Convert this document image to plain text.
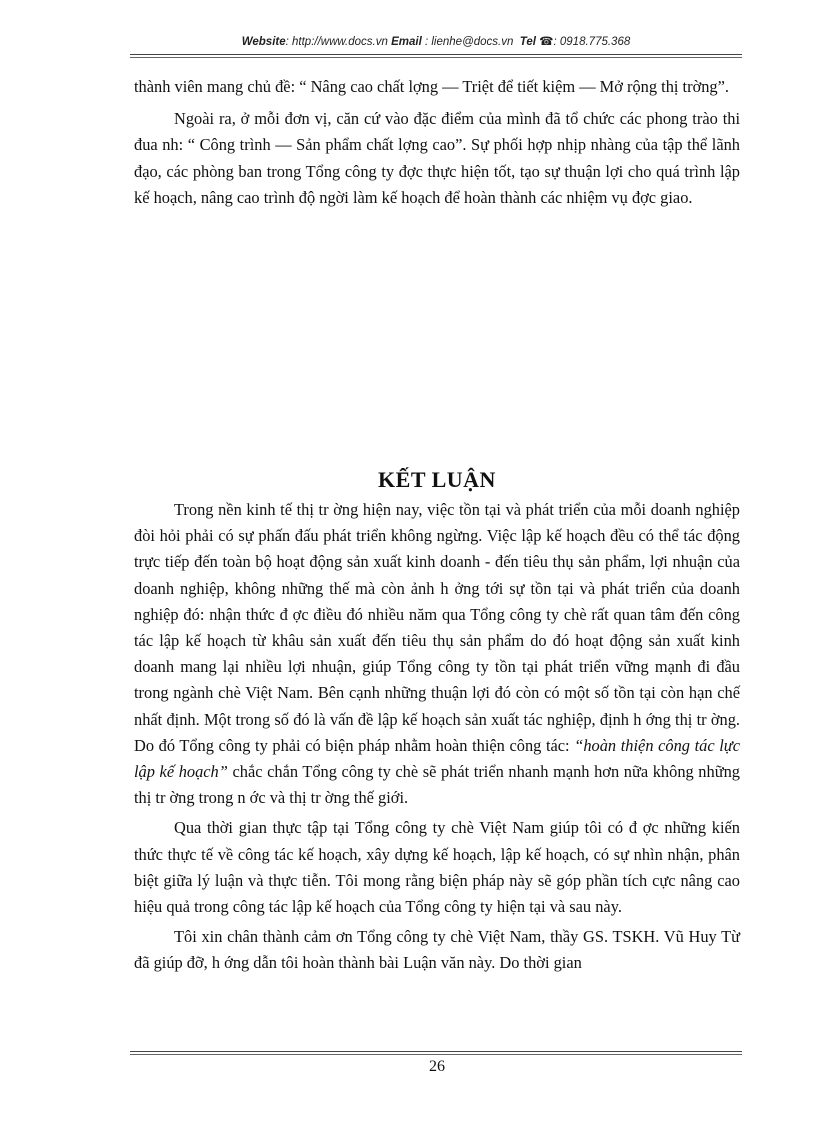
Website: http://www.docs.vn Email : lienhe@docs.vn Tel ☎: 0918.775.368

thành viên mang chủ đề: “ Nâng cao chất lợng — Triệt để tiết kiệm — Mở rộng thị trờng”.

Ngoài ra, ở mỗi đơn vị, căn cứ vào đặc điểm của mình đã tổ chức các phong trào thi đua nh: “ Công trình — Sản phẩm chất lợng cao”. Sự phối hợp nhịp nhàng của tập thể lãnh đạo, các phòng ban trong Tổng công ty đợc thực hiện tốt, tạo sự thuận lợi cho quá trình lập kế hoạch, nâng cao trình độ ngời làm kế hoạch để hoàn thành các nhiệm vụ đợc giao.

KẾT LUẬN

Trong nền kinh tế thị tr ờng hiện nay, việc tồn tại và phát triển của mỗi doanh nghiệp đòi hỏi phải có sự phấn đấu phát triển không ngừng. Việc lập kế hoạch đều có thể tác động trực tiếp đến toàn bộ hoạt động sản xuất kinh doanh - đến tiêu thụ sản phẩm, lợi nhuận của doanh nghiệp, không những thế mà còn ảnh h ởng tới sự tồn tại và phát triển của doanh nghiệp đó: nhận thức đ ợc điều đó nhiều năm qua Tổng công ty chè rất quan tâm đến công tác lập kế hoạch từ khâu sản xuất đến tiêu thụ sản phẩm do đó hoạt động sản xuất kinh doanh mang lại nhiều lợi nhuận, giúp Tổng công ty tồn tại phát triển vững mạnh đi đầu trong ngành chè Việt Nam. Bên cạnh những thuận lợi đó còn có một số tồn tại còn hạn chế nhất định. Một trong số đó là vấn đề lập kế hoạch sản xuất tác nghiệp, định h ớng thị tr ờng. Do đó Tổng công ty phải có biện pháp nhằm hoàn thiện công tác: “hoàn thiện công tác lực lập kế hoạch” chắc chắn Tổng công ty chè sẽ phát triển nhanh mạnh hơn nữa không những thị tr ờng trong n ớc và thị tr ờng thế giới.

Qua thời gian thực tập tại Tổng công ty chè Việt Nam giúp tôi có đ ợc những kiến thức thực tế về công tác kế hoạch, xây dựng kế hoạch, lập kế hoạch, có sự nhìn nhận, phân biệt giữa lý luận và thực tiễn. Tôi mong rằng biện pháp này sẽ góp phần tích cực nâng cao hiệu quả trong công tác lập kế hoạch của Tổng công ty hiện tại và sau này.

Tôi xin chân thành cảm ơn Tổng công ty chè Việt Nam, thầy GS. TSKH. Vũ Huy Từ đã giúp đỡ, h ớng dẫn tôi hoàn thành bài Luận văn này. Do thời gian

26
